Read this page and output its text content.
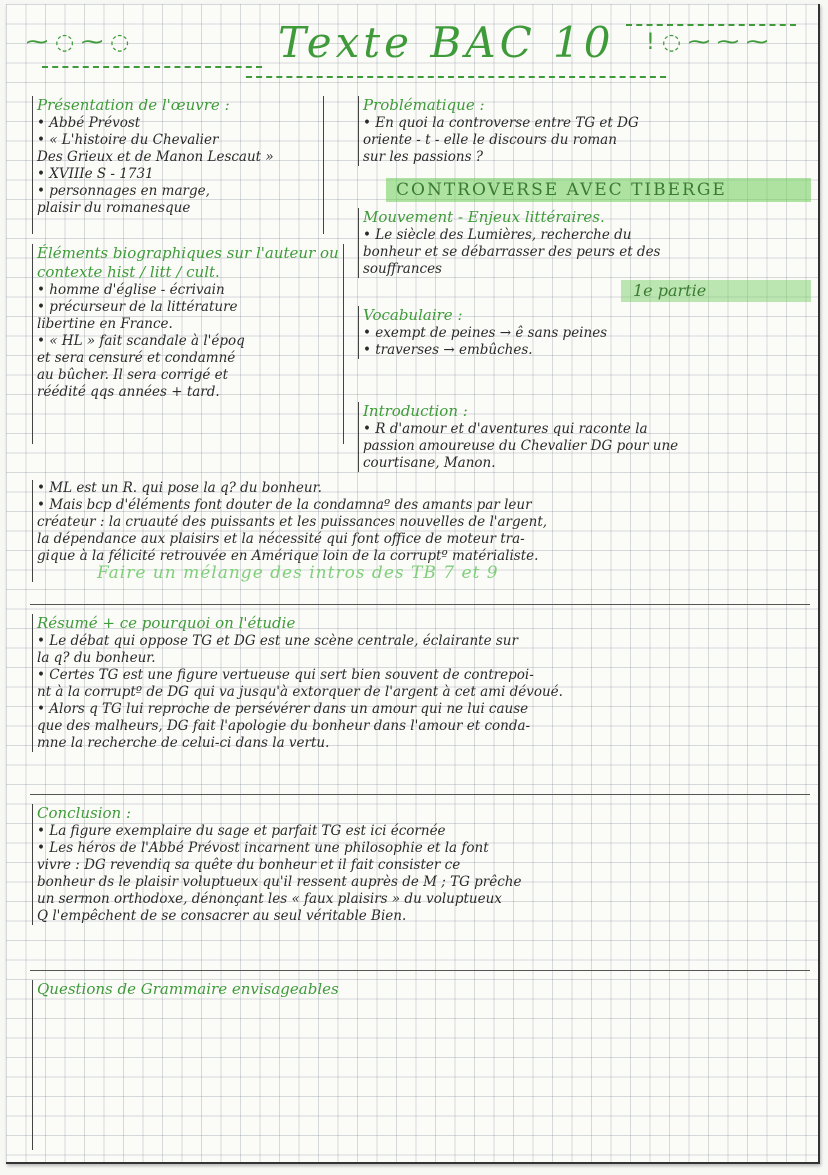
⁓ ◌ ⁓ ◌	Texte BAC 10 ! ◌ ⁓ ⁓ ⁓

Présentation de l'œuvre :

• Abbé Prévost

• « L'histoire du Chevalier

Des Grieux et de Manon Lescaut »

• XVIIIe S - 1731

• personnages en marge,

plaisir du romanesque

Éléments biographiques sur l'auteur ou contexte hist / litt / cult.

• homme d'église - écrivain

• précurseur de la littérature

libertine en France.

• « HL » fait scandale à l'époq

et sera censuré et condamné

au bûcher. Il sera corrigé et

réédité qqs années + tard.

Problématique :

• En quoi la controverse entre TG et DG

oriente - t - elle le discours du roman

sur les passions ?

CONTROVERSE AVEC TIBERGE

Mouvement - Enjeux littéraires.

• Le siècle des Lumières, recherche du

bonheur et se débarrasser des peurs et des

souffrances

1e partie

Vocabulaire :

• exempt de peines → ê sans peines

• traverses → embûches.

Introduction :

• R d'amour et d'aventures qui raconte la

passion amoureuse du Chevalier DG pour une

courtisane, Manon.

• ML est un R. qui pose la q? du bonheur.

• Mais bcp d'éléments font douter de la condamnaº des amants par leur

créateur : la cruauté des puissants et les puissances nouvelles de l'argent,

la dépendance aux plaisirs et la nécessité qui font office de moteur tra-

gique à la félicité retrouvée en Amérique loin de la corruptº matérialiste.

Faire un mélange des intros des TB 7 et 9

Résumé + ce pourquoi on l'étudie

• Le débat qui oppose TG et DG est une scène centrale, éclairante sur

la q? du bonheur.

• Certes TG est une figure vertueuse qui sert bien souvent de contrepoi-

nt à la corruptº de DG qui va jusqu'à extorquer de l'argent à cet ami dévoué.

• Alors q TG lui reproche de persévérer dans un amour qui ne lui cause

que des malheurs, DG fait l'apologie du bonheur dans l'amour et conda-

mne la recherche de celui-ci dans la vertu.

Conclusion :

• La figure exemplaire du sage et parfait TG est ici écornée

• Les héros de l'Abbé Prévost incarnent une philosophie et la font

vivre : DG revendiq sa quête du bonheur et il fait consister ce

bonheur ds le plaisir voluptueux qu'il ressent auprès de M ; TG prêche

un sermon orthodoxe, dénonçant les « faux plaisirs » du voluptueux

Q l'empêchent de se consacrer au seul véritable Bien.

Questions de Grammaire envisageables
